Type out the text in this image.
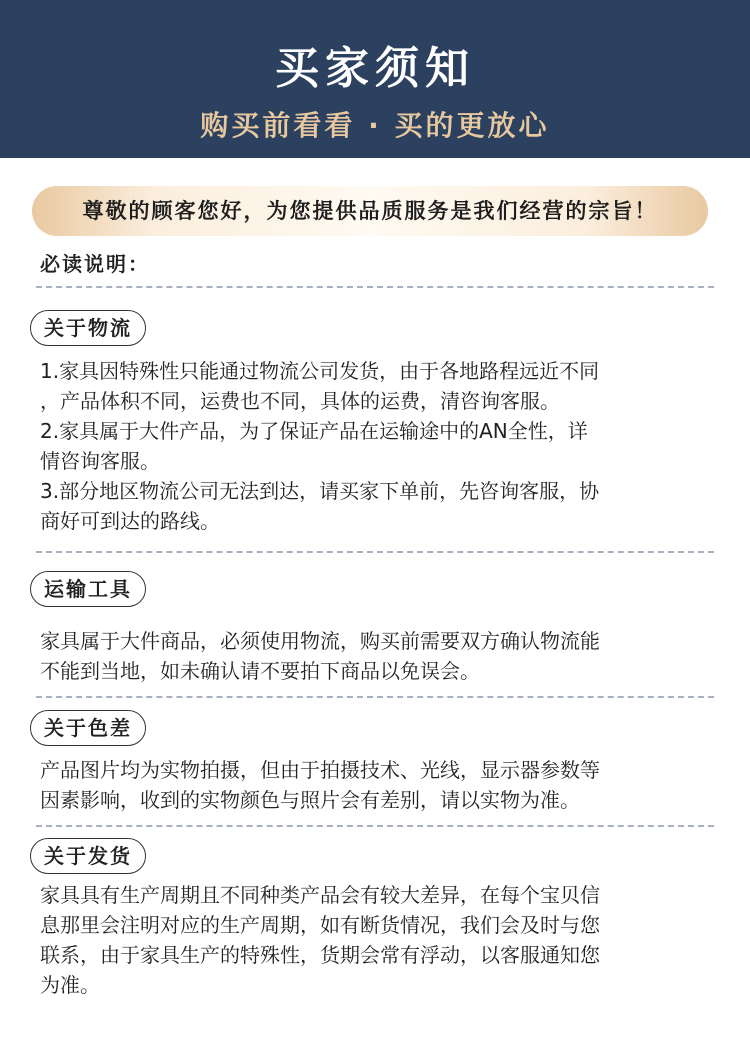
买家须知
购买前看看 · 买的更放心
尊敬的顾客您好，为您提供品质服务是我们经营的宗旨！
必读说明：
关于物流
1.家具因特殊性只能通过物流公司发货，由于各地路程远近不同
，产品体积不同，运费也不同，具体的运费，清咨询客服。
2.家具属于大件产品，为了保证产品在运输途中的AN全性，详
情咨询客服。
3.部分地区物流公司无法到达，请买家下单前，先咨询客服，协
商好可到达的路线。
运输工具
家具属于大件商品，必须使用物流，购买前需要双方确认物流能
不能到当地，如未确认请不要拍下商品以免误会。
关于色差
产品图片均为实物拍摄，但由于拍摄技术、光线，显示器参数等
因素影响，收到的实物颜色与照片会有差别，请以实物为准。
关于发货
家具具有生产周期且不同种类产品会有较大差异，在每个宝贝信
息那里会注明对应的生产周期，如有断货情况，我们会及时与您
联系，由于家具生产的特殊性，货期会常有浮动，以客服通知您
为准。
